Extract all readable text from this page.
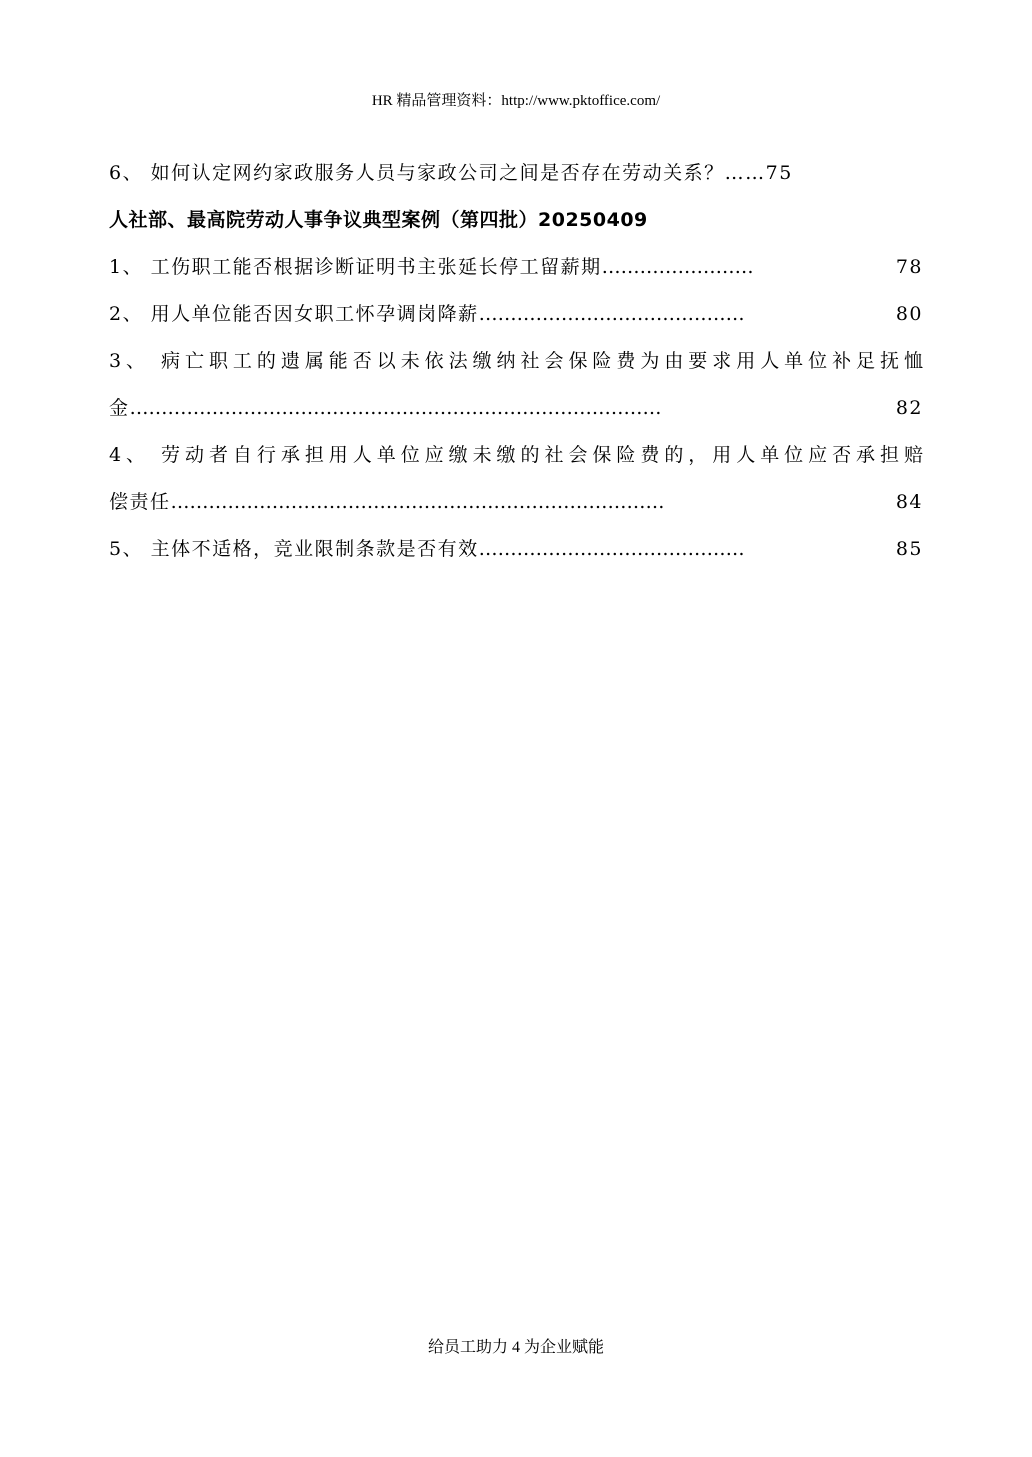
HR 精品管理资料：http://www.pktoffice.com/
6、 如何认定网约家政服务人员与家政公司之间是否存在劳动关系？……75
人社部、最高院劳动人事争议典型案例（第四批）20250409
1、 工伤职工能否根据诊断证明书主张延长停工留薪期 ……………………	78
2、 用人单位能否因女职工怀孕调岗降薪 ……………………………………	80
3、 病亡职工的遗属能否以未依法缴纳社会保险费为由要求用人单位补足抚恤
金 …………………………………………………………………………	82
4、 劳动者自行承担用人单位应缴未缴的社会保险费的，用人单位应否承担赔
偿责任 ……………………………………………………………………	84
5、 主体不适格，竞业限制条款是否有效 ……………………………………	85
给员工助力 4 为企业赋能
